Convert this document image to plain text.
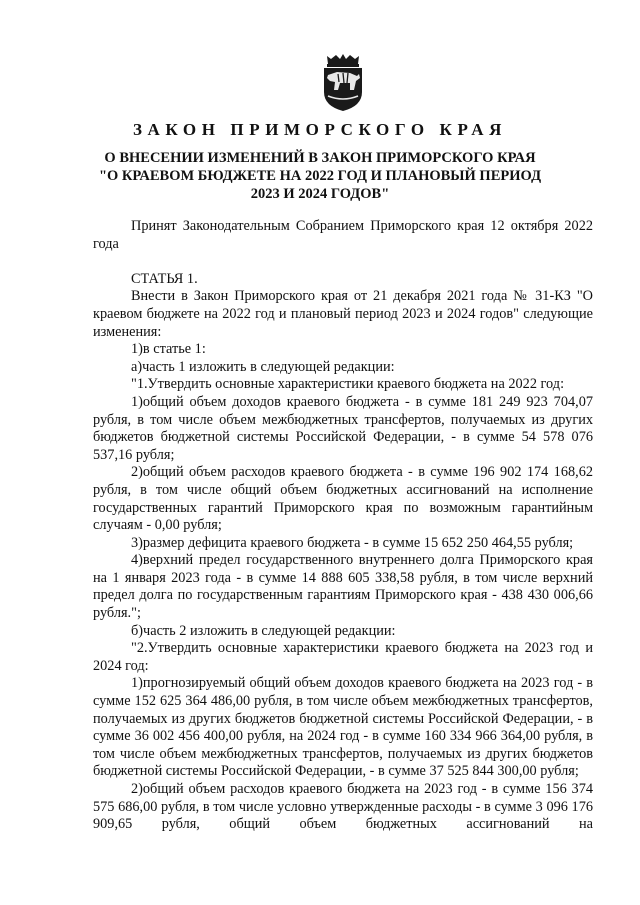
ЗАКОН ПРИМОРСКОГО КРАЯ
О ВНЕСЕНИИ ИЗМЕНЕНИЙ В ЗАКОН ПРИМОРСКОГО КРАЯ
"О КРАЕВОМ БЮДЖЕТЕ НА 2022 ГОД И ПЛАНОВЫЙ ПЕРИОД
2023 И 2024 ГОДОВ"

Принят Законодательным Собранием Приморского края 12 октября 2022 года

СТАТЬЯ 1.

Внести в Закон Приморского края от 21 декабря 2021 года № 31-КЗ "О краевом бюджете на 2022 год и плановый период 2023 и 2024 годов" следующие изменения:

1)в статье 1:

а)часть 1 изложить в следующей редакции:

"1.Утвердить основные характеристики краевого бюджета на 2022 год:

1)общий объем доходов краевого бюджета - в сумме 181 249 923 704,07 рубля, в том числе объем межбюджетных трансфертов, получаемых из других бюджетов бюджетной системы Российской Федерации, - в сумме 54 578 076 537,16 рубля;

2)общий объем расходов краевого бюджета - в сумме 196 902 174 168,62 рубля, в том числе общий объем бюджетных ассигнований на исполнение государственных гарантий Приморского края по возможным гарантийным случаям - 0,00 рубля;

3)размер дефицита краевого бюджета - в сумме 15 652 250 464,55 рубля;

4)верхний предел государственного внутреннего долга Приморского края на 1 января 2023 года - в сумме 14 888 605 338,58 рубля, в том числе верхний предел долга по государственным гарантиям Приморского края - 438 430 006,66 рубля.";

б)часть 2 изложить в следующей редакции:

"2.Утвердить основные характеристики краевого бюджета на 2023 год и 2024 год:

1)прогнозируемый общий объем доходов краевого бюджета на 2023 год - в сумме 152 625 364 486,00 рубля, в том числе объем межбюджетных трансфертов, получаемых из других бюджетов бюджетной системы Российской Федерации, - в сумме 36 002 456 400,00 рубля, на 2024 год - в сумме 160 334 966 364,00 рубля, в том числе объем межбюджетных трансфертов, получаемых из других бюджетов бюджетной системы Российской Федерации, - в сумме 37 525 844 300,00 рубля;

2)общий объем расходов краевого бюджета на 2023 год - в сумме 156 374 575 686,00 рубля, в том числе условно утвержденные расходы - в сумме 3 096 176 909,65 рубля, общий объем бюджетных ассигнований на
